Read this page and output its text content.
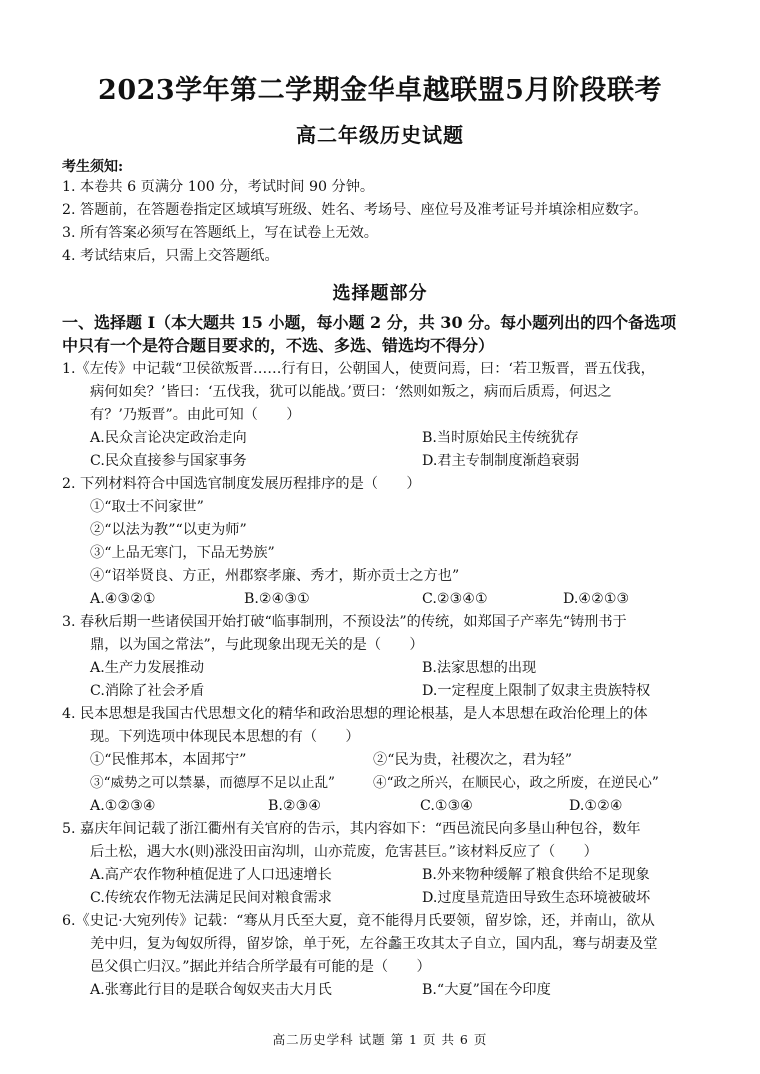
2023学年第二学期金华卓越联盟5月阶段联考
高二年级历史试题
考生须知:
1. 本卷共 6 页满分 100 分，考试时间 90 分钟。
2. 答题前，在答题卷指定区域填写班级、姓名、考场号、座位号及准考证号并填涂相应数字。
3. 所有答案必须写在答题纸上，写在试卷上无效。
4. 考试结束后，只需上交答题纸。
选择题部分
一、选择题 I（本大题共 15 小题，每小题 2 分，共 30 分。每小题列出的四个备选项
中只有一个是符合题目要求的，不选、多选、错选均不得分）
1.《左传》中记载“卫侯欲叛晋……行有日，公朝国人，使贾问焉，曰：‘若卫叛晋，晋五伐我，
病何如矣？’皆曰：‘五伐我，犹可以能战。’贾曰：‘然则如叛之，病而后质焉，何迟之
有？’乃叛晋”。由此可知（　　）
A.民众言论决定政治走向	B.当时原始民主传统犹存
C.民众直接参与国家事务	D.君主专制制度渐趋衰弱
2. 下列材料符合中国选官制度发展历程排序的是（　　）
①“取士不问家世”
②“以法为教”“以吏为师”
③“上品无寒门，下品无势族”
④“诏举贤良、方正，州郡察孝廉、秀才，斯亦贡士之方也”
A.④③②①	B.②④③①	C.②③④①	D.④②①③
3. 春秋后期一些诸侯国开始打破“临事制刑，不预设法”的传统，如郑国子产率先“铸刑书于
鼎，以为国之常法”，与此现象出现无关的是（　　）
A.生产力发展推动	B.法家思想的出现
C.消除了社会矛盾	D.一定程度上限制了奴隶主贵族特权
4. 民本思想是我国古代思想文化的精华和政治思想的理论根基，是人本思想在政治伦理上的体
现。下列选项中体现民本思想的有（　　）
①“民惟邦本，本固邦宁”	②“民为贵，社稷次之，君为轻”
③“威势之可以禁暴，而德厚不足以止乱”	④“政之所兴，在顺民心，政之所废，在逆民心”
A.①②③④	B.②③④	C.①③④	D.①②④
5. 嘉庆年间记载了浙江衢州有关官府的告示，其内容如下：“西邑流民向多垦山种包谷，数年
后土松，遇大水(则)涨没田亩沟圳，山亦荒废，危害甚巨。”该材料反应了（　　）
A.高产农作物种植促进了人口迅速增长	B.外来物种缓解了粮食供给不足现象
C.传统农作物无法满足民间对粮食需求	D.过度垦荒造田导致生态环境被破坏
6.《史记·大宛列传》记载：“骞从月氏至大夏，竟不能得月氏要领，留岁馀，还，并南山，欲从
羌中归，复为匈奴所得，留岁馀，单于死，左谷蠡王攻其太子自立，国内乱，骞与胡妻及堂
邑父俱亡归汉。”据此并结合所学最有可能的是（　　）
A.张骞此行目的是联合匈奴夹击大月氏	B.“大夏”国在今印度
高二历史学科 试题 第 1 页 共 6 页
